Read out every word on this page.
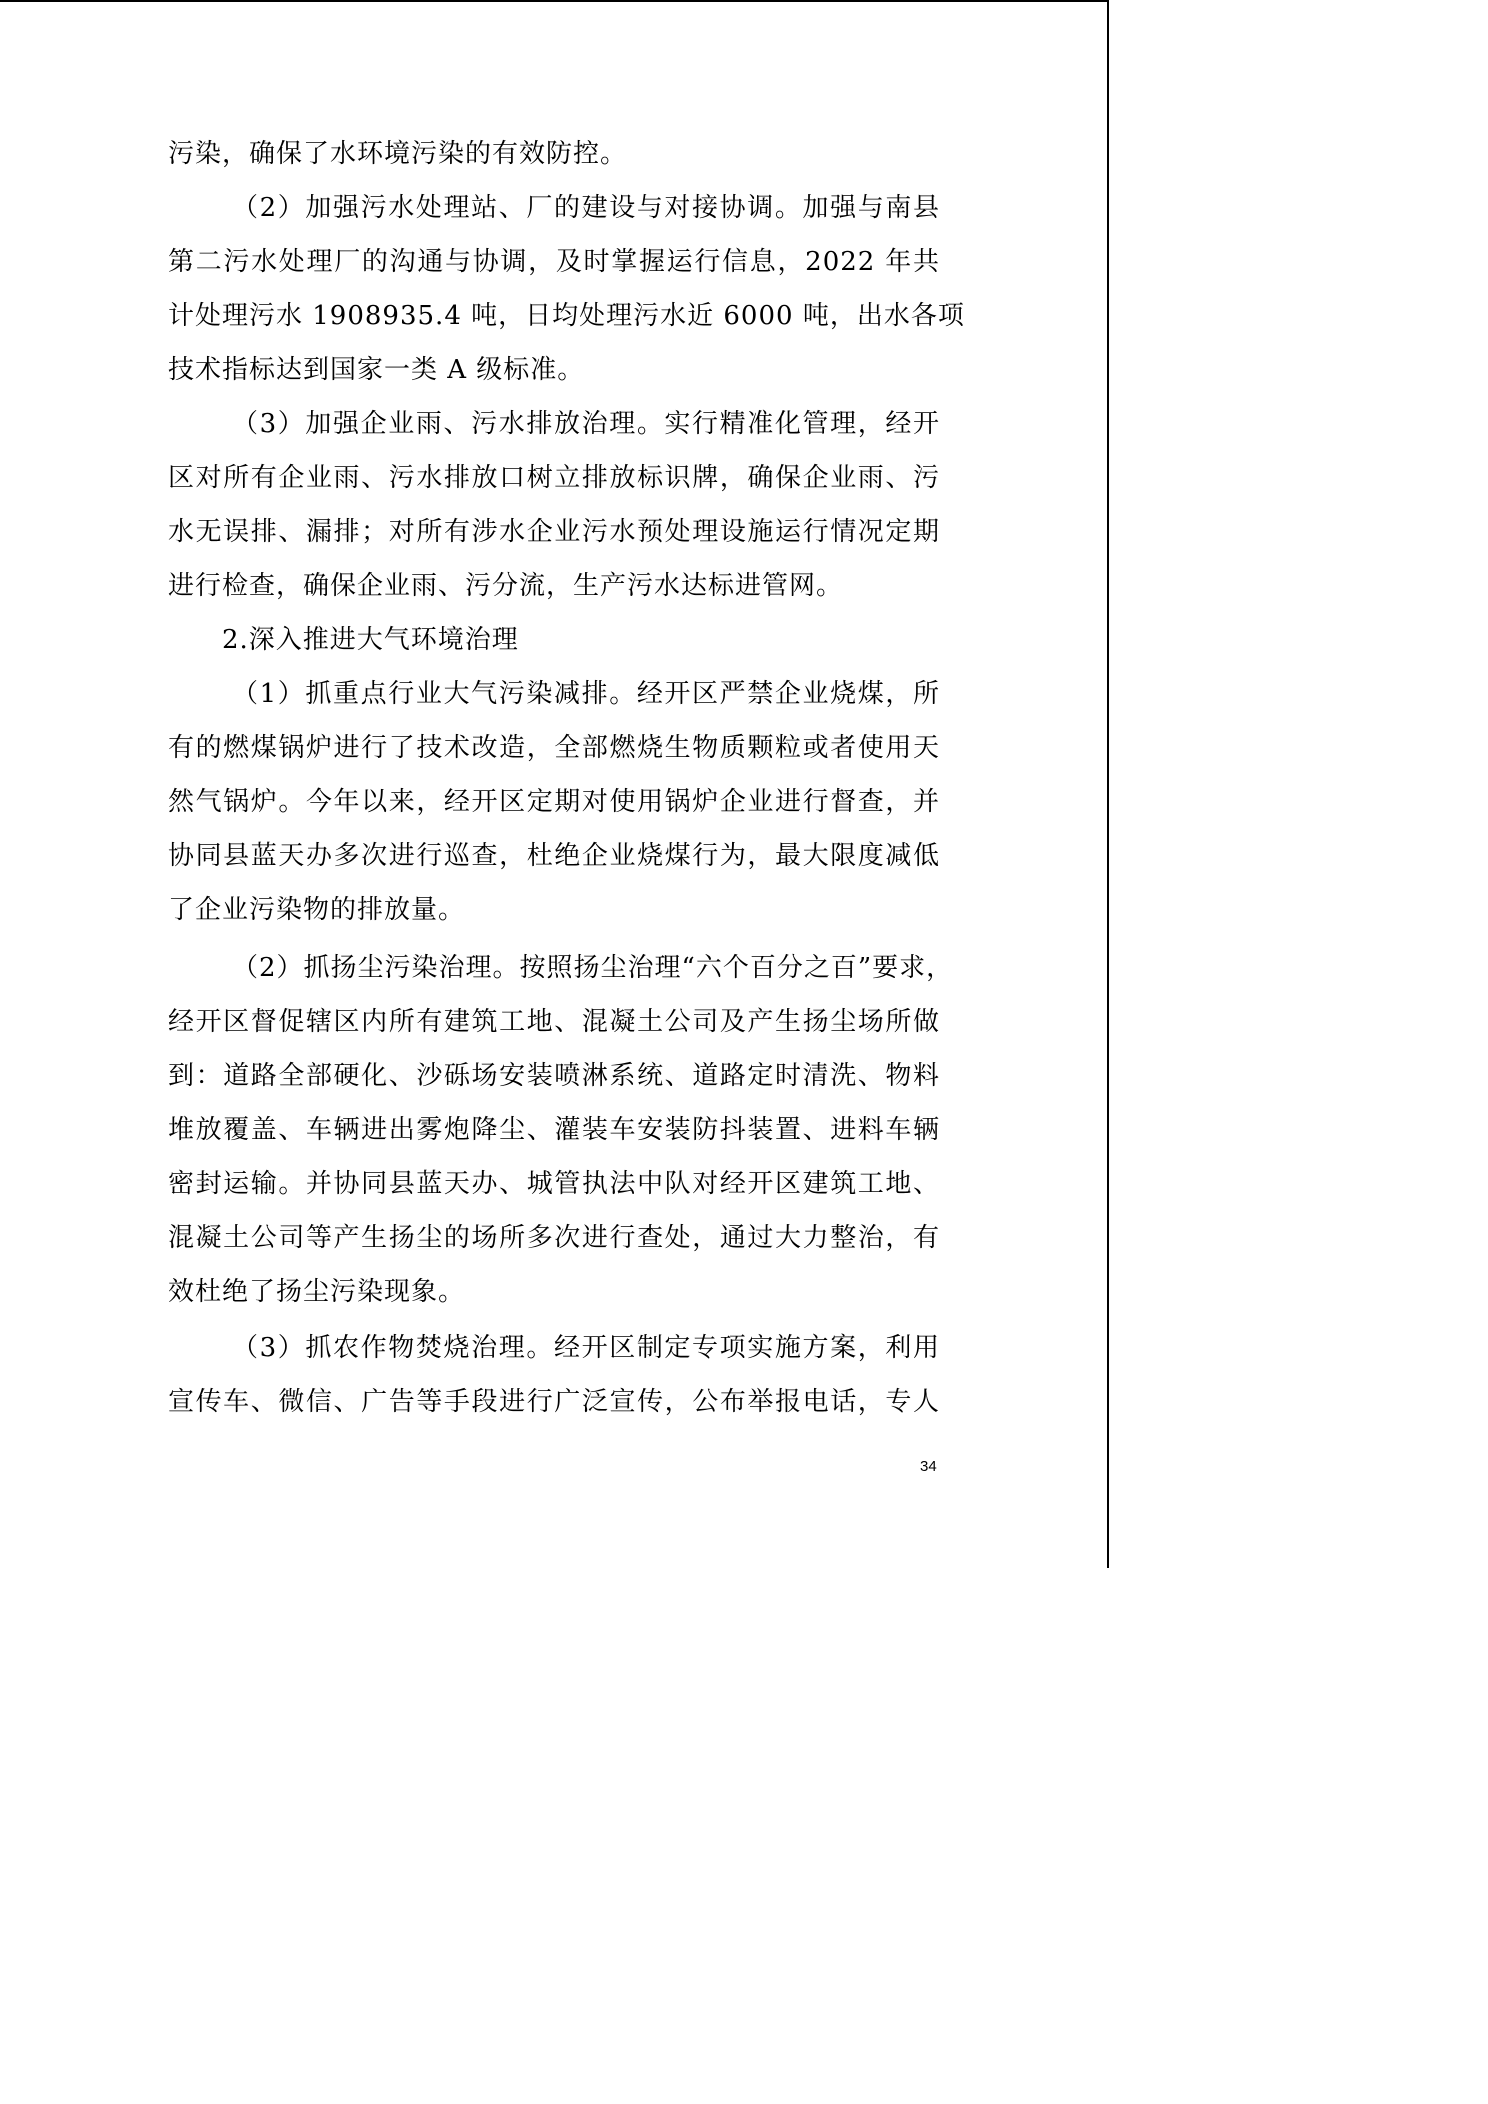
污染，确保了水环境污染的有效防控。
（2）加强污水处理站、厂的建设与对接协调。加强与南县
第二污水处理厂的沟通与协调，及时掌握运行信息，2022 年共
计处理污水 1908935.4 吨，日均处理污水近 6000 吨，出水各项
技术指标达到国家一类 A 级标准。
（3）加强企业雨、污水排放治理。实行精准化管理，经开
区对所有企业雨、污水排放口树立排放标识牌，确保企业雨、污
水无误排、漏排；对所有涉水企业污水预处理设施运行情况定期
进行检查，确保企业雨、污分流，生产污水达标进管网。
2.深入推进大气环境治理
（1）抓重点行业大气污染减排。经开区严禁企业烧煤，所
有的燃煤锅炉进行了技术改造，全部燃烧生物质颗粒或者使用天
然气锅炉。今年以来，经开区定期对使用锅炉企业进行督查，并
协同县蓝天办多次进行巡查，杜绝企业烧煤行为，最大限度减低
了企业污染物的排放量。
（2）抓扬尘污染治理。按照扬尘治理“六个百分之百”要求，
经开区督促辖区内所有建筑工地、混凝土公司及产生扬尘场所做
到：道路全部硬化、沙砾场安装喷淋系统、道路定时清洗、物料
堆放覆盖、车辆进出雾炮降尘、灌装车安装防抖装置、进料车辆
密封运输。并协同县蓝天办、城管执法中队对经开区建筑工地、
混凝土公司等产生扬尘的场所多次进行查处，通过大力整治，有
效杜绝了扬尘污染现象。
（3）抓农作物焚烧治理。经开区制定专项实施方案，利用
宣传车、微信、广告等手段进行广泛宣传，公布举报电话，专人
34
